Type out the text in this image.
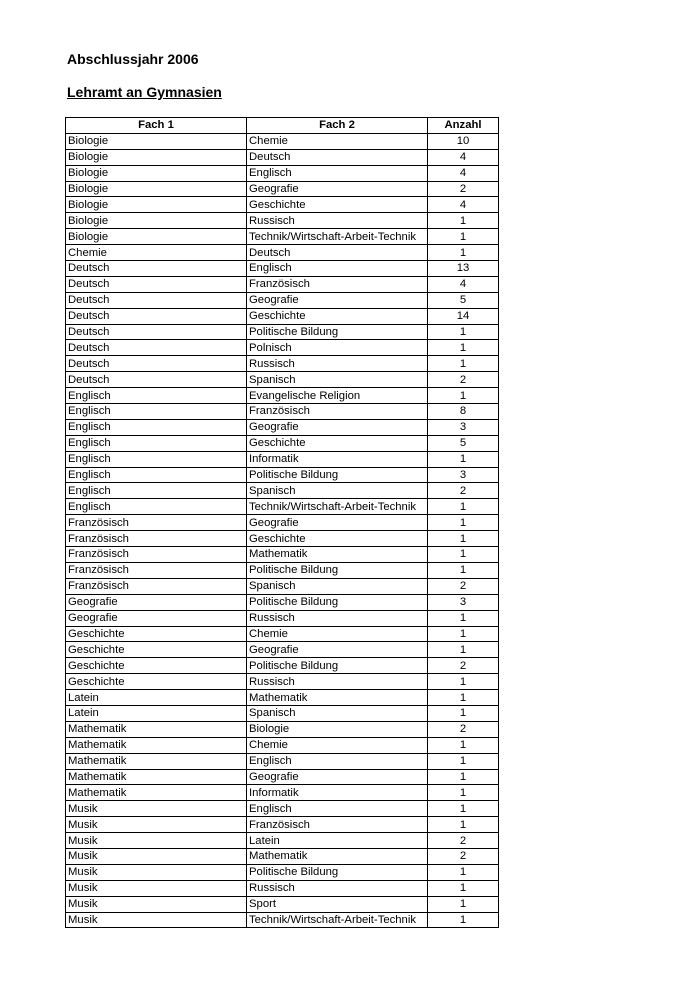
Abschlussjahr 2006
Lehramt an Gymnasien
Fach 1	Fach 2	Anzahl
Biologie	Chemie	10
Biologie	Deutsch	4
Biologie	Englisch	4
Biologie	Geografie	2
Biologie	Geschichte	4
Biologie	Russisch	1
Biologie	Technik/Wirtschaft-Arbeit-Technik	1
Chemie	Deutsch	1
Deutsch	Englisch	13
Deutsch	Französisch	4
Deutsch	Geografie	5
Deutsch	Geschichte	14
Deutsch	Politische Bildung	1
Deutsch	Polnisch	1
Deutsch	Russisch	1
Deutsch	Spanisch	2
Englisch	Evangelische Religion	1
Englisch	Französisch	8
Englisch	Geografie	3
Englisch	Geschichte	5
Englisch	Informatik	1
Englisch	Politische Bildung	3
Englisch	Spanisch	2
Englisch	Technik/Wirtschaft-Arbeit-Technik	1
Französisch	Geografie	1
Französisch	Geschichte	1
Französisch	Mathematik	1
Französisch	Politische Bildung	1
Französisch	Spanisch	2
Geografie	Politische Bildung	3
Geografie	Russisch	1
Geschichte	Chemie	1
Geschichte	Geografie	1
Geschichte	Politische Bildung	2
Geschichte	Russisch	1
Latein	Mathematik	1
Latein	Spanisch	1
Mathematik	Biologie	2
Mathematik	Chemie	1
Mathematik	Englisch	1
Mathematik	Geografie	1
Mathematik	Informatik	1
Musik	Englisch	1
Musik	Französisch	1
Musik	Latein	2
Musik	Mathematik	2
Musik	Politische Bildung	1
Musik	Russisch	1
Musik	Sport	1
Musik	Technik/Wirtschaft-Arbeit-Technik	1
